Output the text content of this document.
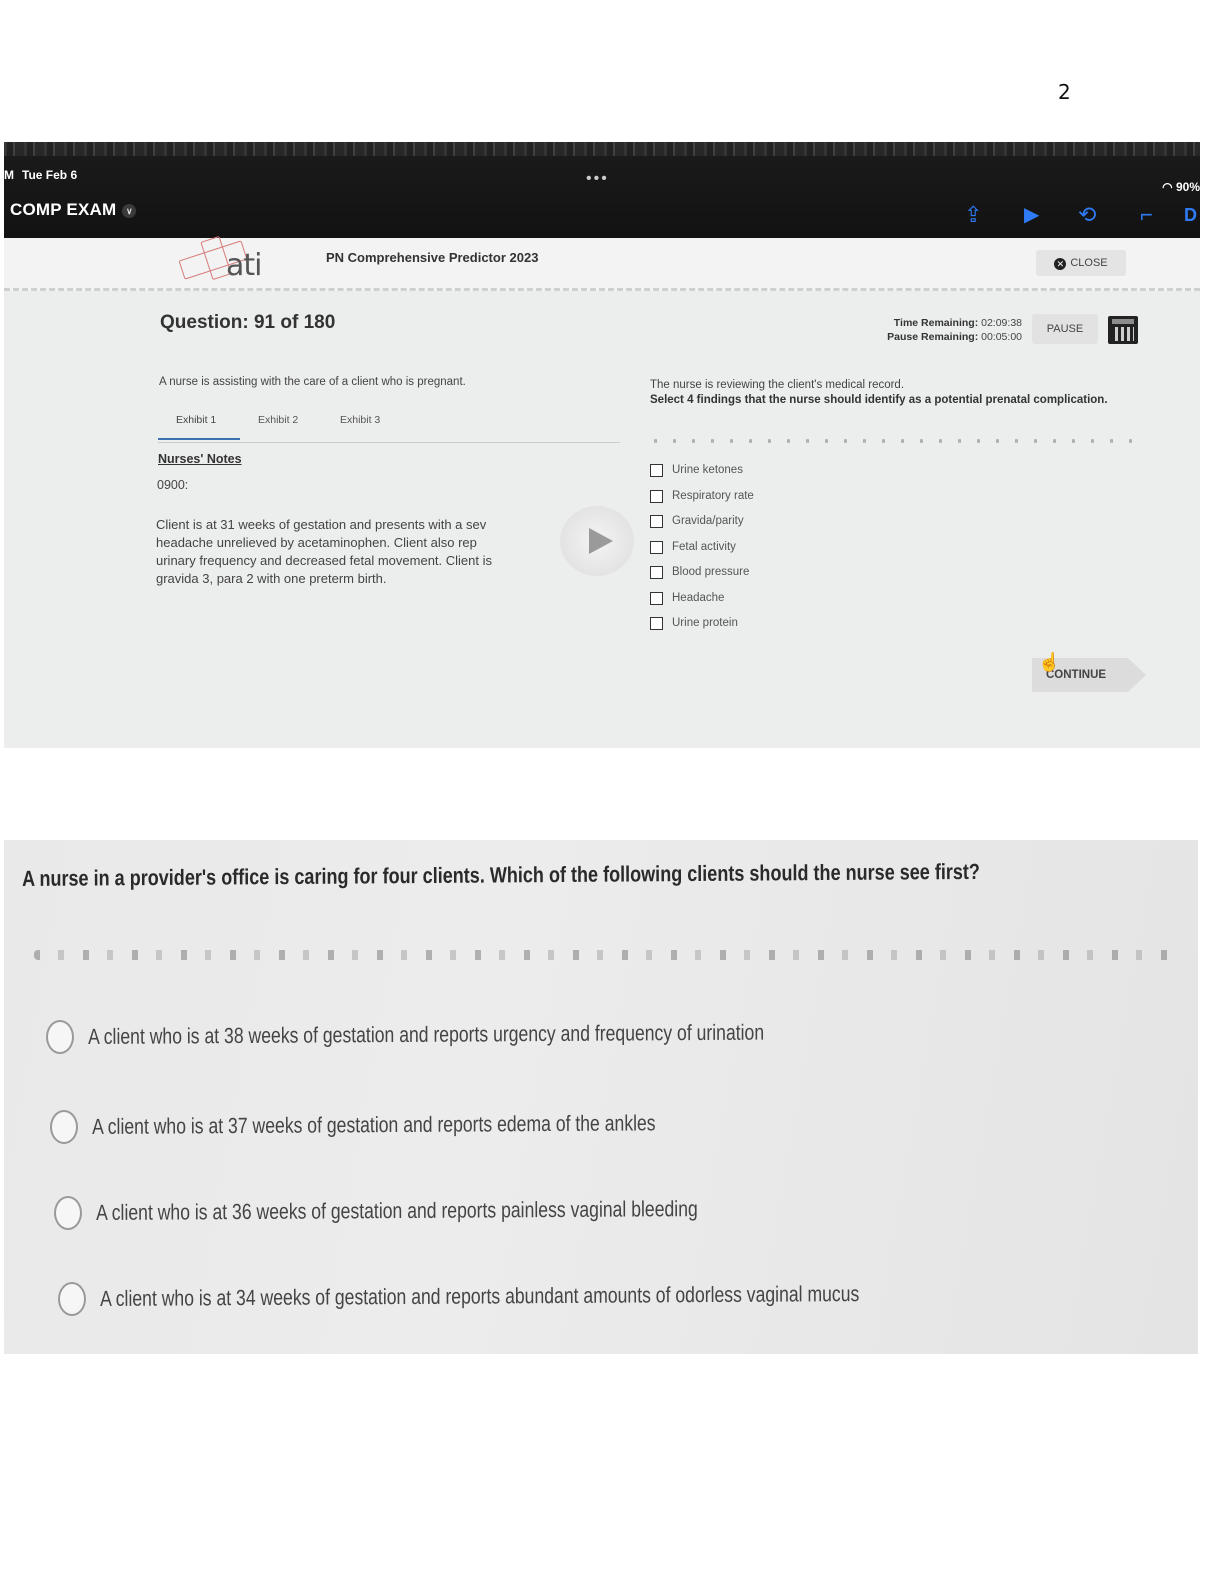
2
M Tue Feb 6	•••	◠ 90%
COMP EXAM ∨	⇪ ▶ ⟲ ⌐ D
ati	PN Comprehensive Predictor 2023	✕ CLOSE
Question: 91 of 180	Time Remaining: 02:09:38
Pause Remaining: 00:05:00
PAUSE
A nurse is assisting with the care of a client who is pregnant.
Exhibit 1	Exhibit 2	Exhibit 3
Nurses' Notes
0900:
Client is at 31 weeks of gestation and presents with a sev
headache unrelieved by acetaminophen. Client also rep
urinary frequency and decreased fetal movement. Client is
gravida 3, para 2 with one preterm birth.
The nurse is reviewing the client's medical record.
Select 4 findings that the nurse should identify as a potential prenatal complication.
Urine ketones
Respiratory rate
Gravida/parity
Fetal activity
Blood pressure
Headache
Urine protein
CONTINUE
☝
A nurse in a provider's office is caring for four clients. Which of the following clients should the nurse see first?
A client who is at 38 weeks of gestation and reports urgency and frequency of urination
A client who is at 37 weeks of gestation and reports edema of the ankles
A client who is at 36 weeks of gestation and reports painless vaginal bleeding
A client who is at 34 weeks of gestation and reports abundant amounts of odorless vaginal mucus
